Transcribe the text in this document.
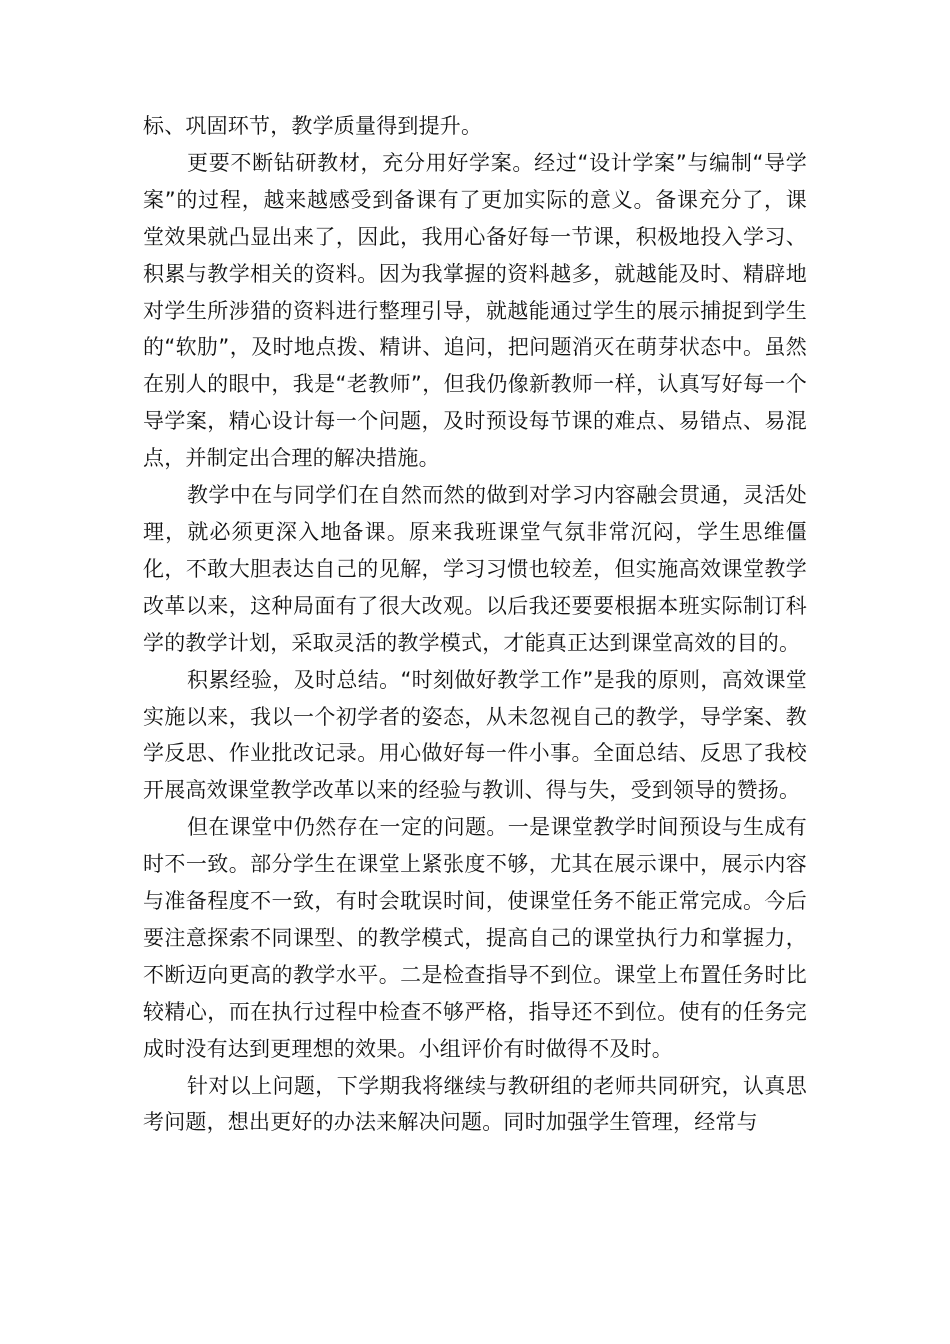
标、巩固环节，教学质量得到提升。

更要不断钻研教材，充分用好学案。经过“设计学案”与编制“导学案”的过程，越来越感受到备课有了更加实际的意义。备课充分了，课堂效果就凸显出来了，因此，我用心备好每一节课，积极地投入学习、积累与教学相关的资料。因为我掌握的资料越多，就越能及时、精辟地对学生所涉猎的资料进行整理引导，就越能通过学生的展示捕捉到学生的“软肋”，及时地点拨、精讲、追问，把问题消灭在萌芽状态中。虽然在别人的眼中，我是“老教师”，但我仍像新教师一样，认真写好每一个导学案，精心设计每一个问题，及时预设每节课的难点、易错点、易混点，并制定出合理的解决措施。

教学中在与同学们在自然而然的做到对学习内容融会贯通，灵活处理，就必须更深入地备课。原来我班课堂气氛非常沉闷，学生思维僵化，不敢大胆表达自己的见解，学习习惯也较差，但实施高效课堂教学改革以来，这种局面有了很大改观。以后我还要要根据本班实际制订科学的教学计划，采取灵活的教学模式，才能真正达到课堂高效的目的。

积累经验，及时总结。“时刻做好教学工作”是我的原则，高效课堂实施以来，我以一个初学者的姿态，从未忽视自己的教学，导学案、教学反思、作业批改记录。用心做好每一件小事。全面总结、反思了我校开展高效课堂教学改革以来的经验与教训、得与失，受到领导的赞扬。

但在课堂中仍然存在一定的问题。一是课堂教学时间预设与生成有时不一致。部分学生在课堂上紧张度不够，尤其在展示课中，展示内容与准备程度不一致，有时会耽误时间，使课堂任务不能正常完成。今后要注意探索不同课型、的教学模式，提高自己的课堂执行力和掌握力，不断迈向更高的教学水平。二是检查指导不到位。课堂上布置任务时比较精心，而在执行过程中检查不够严格，指导还不到位。使有的任务完成时没有达到更理想的效果。小组评价有时做得不及时。

针对以上问题，下学期我将继续与教研组的老师共同研究，认真思考问题，想出更好的办法来解决问题。同时加强学生管理，经常与
